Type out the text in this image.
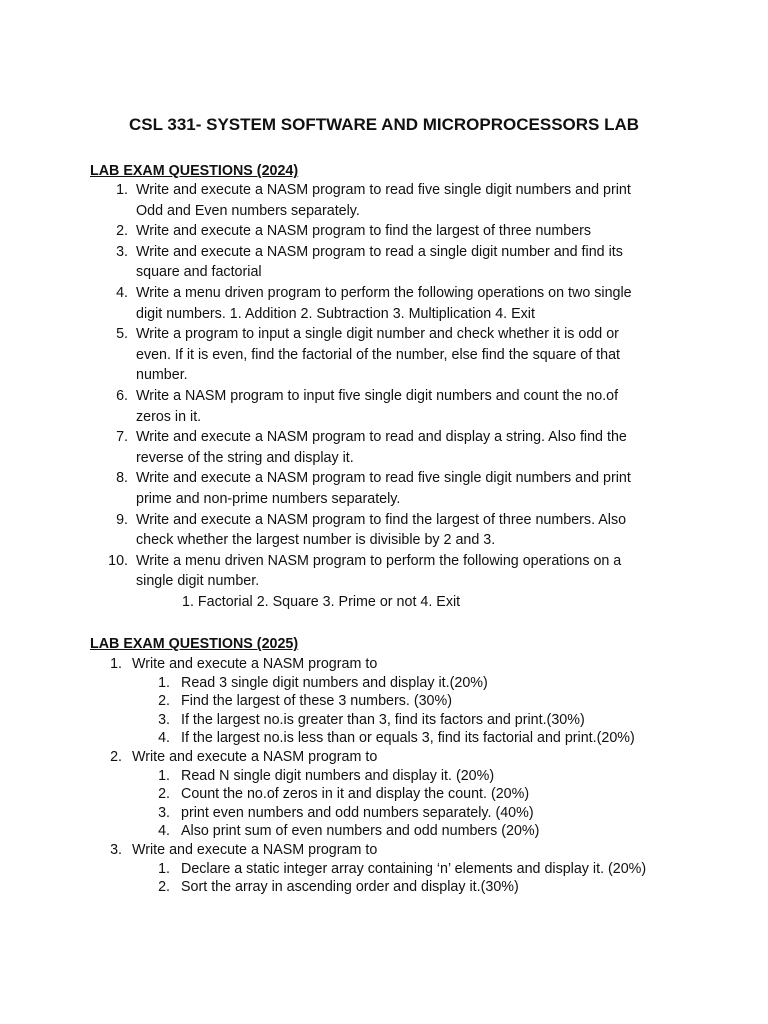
CSL 331- SYSTEM SOFTWARE AND MICROPROCESSORS LAB
LAB EXAM QUESTIONS (2024)
1. Write and execute a NASM program to read five single digit numbers and print
Odd and Even numbers separately.
2. Write and execute a NASM program to find the largest of three numbers
3. Write and execute a NASM program to read a single digit number and find its
square and factorial
4. Write a menu driven program to perform the following operations on two single
digit numbers. 1. Addition 2. Subtraction 3. Multiplication 4. Exit
5. Write a program to input a single digit number and check whether it is odd or
even. If it is even, find the factorial of the number, else find the square of that
number.
6. Write a NASM program to input five single digit numbers and count the no.of
zeros in it.
7. Write and execute a NASM program to read and display a string. Also find the
reverse of the string and display it.
8. Write and execute a NASM program to read five single digit numbers and print
prime and non-prime numbers separately.
9. Write and execute a NASM program to find the largest of three numbers. Also
check whether the largest number is divisible by 2 and 3.
10. Write a menu driven NASM program to perform the following operations on a
single digit number.
1. Factorial 2. Square 3. Prime or not 4. Exit
LAB EXAM QUESTIONS (2025)
1. Write and execute a NASM program to
1. Read 3 single digit numbers and display it.(20%)
2. Find the largest of these 3 numbers. (30%)
3. If the largest no.is greater than 3, find its factors and print.(30%)
4. If the largest no.is less than or equals 3, find its factorial and print.(20%)
2. Write and execute a NASM program to
1. Read N single digit numbers and display it. (20%)
2. Count the no.of zeros in it and display the count. (20%)
3. print even numbers and odd numbers separately. (40%)
4. Also print sum of even numbers and odd numbers (20%)
3. Write and execute a NASM program to
1. Declare a static integer array containing ‘n’ elements and display it. (20%)
2. Sort the array in ascending order and display it.(30%)
